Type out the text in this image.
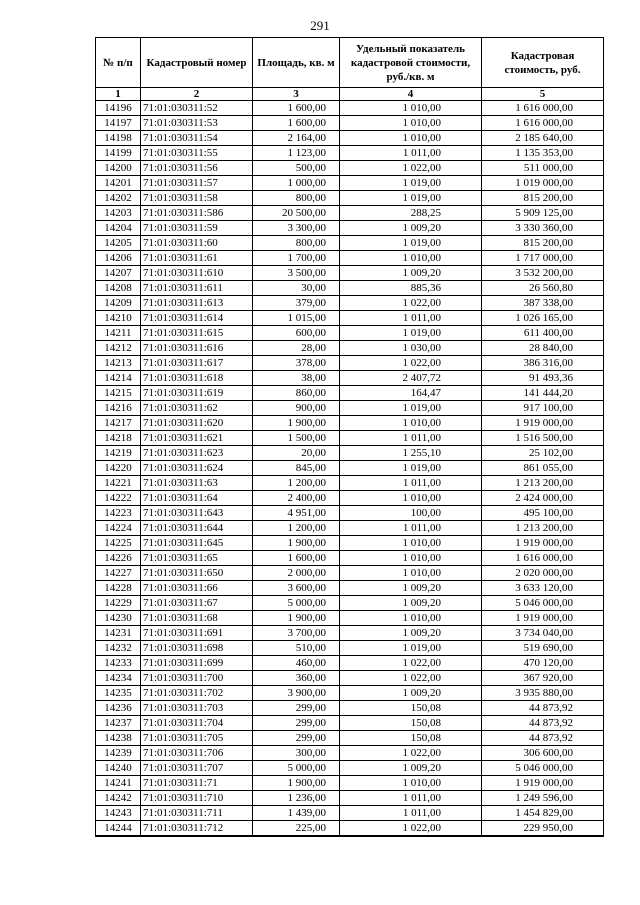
291
№ п/п	Кадастровый номер	Площадь, кв. м	Удельный показатель кадастровой стоимости, руб./кв. м	Кадастровая стоимость, руб.
1	2	3	4	5
14196	71:01:030311:52	1 600,00	1 010,00	1 616 000,00
14197	71:01:030311:53	1 600,00	1 010,00	1 616 000,00
14198	71:01:030311:54	2 164,00	1 010,00	2 185 640,00
14199	71:01:030311:55	1 123,00	1 011,00	1 135 353,00
14200	71:01:030311:56	500,00	1 022,00	511 000,00
14201	71:01:030311:57	1 000,00	1 019,00	1 019 000,00
14202	71:01:030311:58	800,00	1 019,00	815 200,00
14203	71:01:030311:586	20 500,00	288,25	5 909 125,00
14204	71:01:030311:59	3 300,00	1 009,20	3 330 360,00
14205	71:01:030311:60	800,00	1 019,00	815 200,00
14206	71:01:030311:61	1 700,00	1 010,00	1 717 000,00
14207	71:01:030311:610	3 500,00	1 009,20	3 532 200,00
14208	71:01:030311:611	30,00	885,36	26 560,80
14209	71:01:030311:613	379,00	1 022,00	387 338,00
14210	71:01:030311:614	1 015,00	1 011,00	1 026 165,00
14211	71:01:030311:615	600,00	1 019,00	611 400,00
14212	71:01:030311:616	28,00	1 030,00	28 840,00
14213	71:01:030311:617	378,00	1 022,00	386 316,00
14214	71:01:030311:618	38,00	2 407,72	91 493,36
14215	71:01:030311:619	860,00	164,47	141 444,20
14216	71:01:030311:62	900,00	1 019,00	917 100,00
14217	71:01:030311:620	1 900,00	1 010,00	1 919 000,00
14218	71:01:030311:621	1 500,00	1 011,00	1 516 500,00
14219	71:01:030311:623	20,00	1 255,10	25 102,00
14220	71:01:030311:624	845,00	1 019,00	861 055,00
14221	71:01:030311:63	1 200,00	1 011,00	1 213 200,00
14222	71:01:030311:64	2 400,00	1 010,00	2 424 000,00
14223	71:01:030311:643	4 951,00	100,00	495 100,00
14224	71:01:030311:644	1 200,00	1 011,00	1 213 200,00
14225	71:01:030311:645	1 900,00	1 010,00	1 919 000,00
14226	71:01:030311:65	1 600,00	1 010,00	1 616 000,00
14227	71:01:030311:650	2 000,00	1 010,00	2 020 000,00
14228	71:01:030311:66	3 600,00	1 009,20	3 633 120,00
14229	71:01:030311:67	5 000,00	1 009,20	5 046 000,00
14230	71:01:030311:68	1 900,00	1 010,00	1 919 000,00
14231	71:01:030311:691	3 700,00	1 009,20	3 734 040,00
14232	71:01:030311:698	510,00	1 019,00	519 690,00
14233	71:01:030311:699	460,00	1 022,00	470 120,00
14234	71:01:030311:700	360,00	1 022,00	367 920,00
14235	71:01:030311:702	3 900,00	1 009,20	3 935 880,00
14236	71:01:030311:703	299,00	150,08	44 873,92
14237	71:01:030311:704	299,00	150,08	44 873,92
14238	71:01:030311:705	299,00	150,08	44 873,92
14239	71:01:030311:706	300,00	1 022,00	306 600,00
14240	71:01:030311:707	5 000,00	1 009,20	5 046 000,00
14241	71:01:030311:71	1 900,00	1 010,00	1 919 000,00
14242	71:01:030311:710	1 236,00	1 011,00	1 249 596,00
14243	71:01:030311:711	1 439,00	1 011,00	1 454 829,00
14244	71:01:030311:712	225,00	1 022,00	229 950,00
